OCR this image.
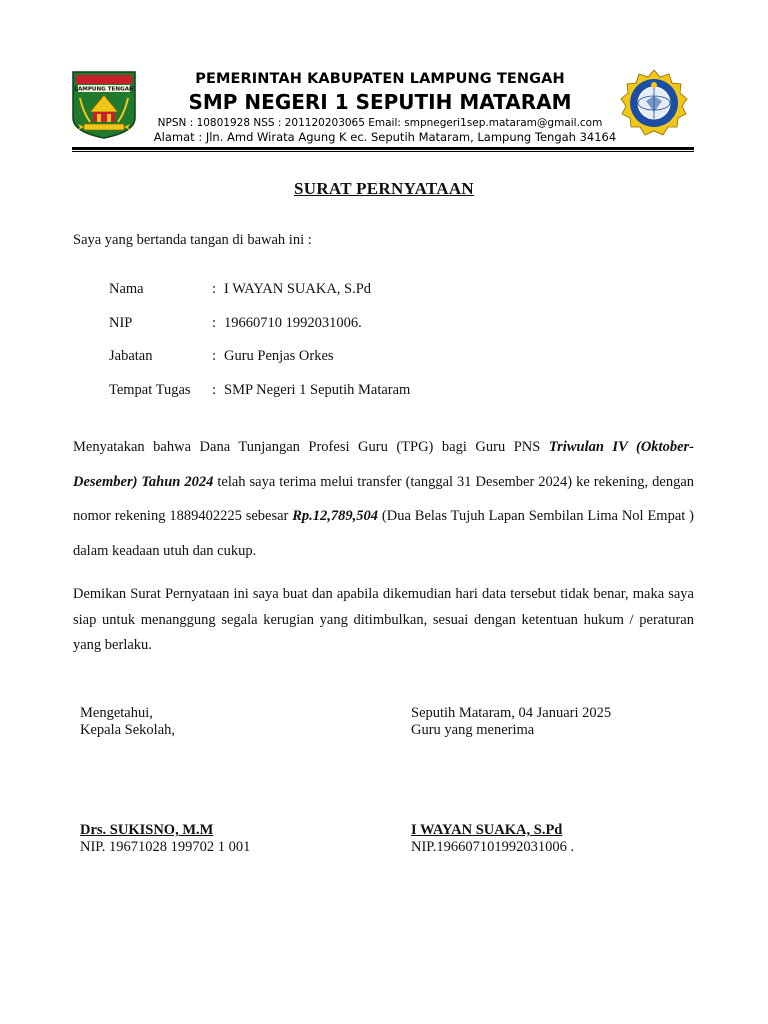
LAMPUNG TENGAH
PEMERINTAH KABUPATEN LAMPUNG TENGAH
SMP NEGERI 1 SEPUTIH MATARAM
NPSN : 10801928 NSS : 201120203065 Email: smpnegeri1sep.mataram@gmail.com
Alamat : Jln. Amd Wirata Agung K ec. Seputih Mataram, Lampung Tengah 34164
SURAT PERNYATAAN
Saya yang bertanda tangan di bawah ini :
Nama	: I WAYAN SUAKA, S.Pd
NIP	: 19660710 1992031006.
Jabatan	: Guru Penjas Orkes
Tempat Tugas	: SMP Negeri 1 Seputih Mataram
Menyatakan bahwa Dana Tunjangan Profesi Guru (TPG) bagi Guru PNS Triwulan IV (Oktober-Desember) Tahun 2024 telah saya terima melui transfer (tanggal 31 Desember 2024) ke rekening, dengan nomor rekening 1889402225 sebesar Rp.12,789,504 (Dua Belas Tujuh Lapan Sembilan Lima Nol Empat ) dalam keadaan utuh dan cukup.
Demikan Surat Pernyataan ini saya buat dan apabila dikemudian hari data tersebut tidak benar, maka saya siap untuk menanggung segala kerugian yang ditimbulkan, sesuai dengan ketentuan hukum / peraturan yang berlaku.
Mengetahui,
Kepala Sekolah,
Seputih Mataram, 04 Januari 2025
Guru yang menerima
Drs. SUKISNO, M.M
NIP. 19671028 199702 1 001
I WAYAN SUAKA, S.Pd
NIP.196607101992031006 .
